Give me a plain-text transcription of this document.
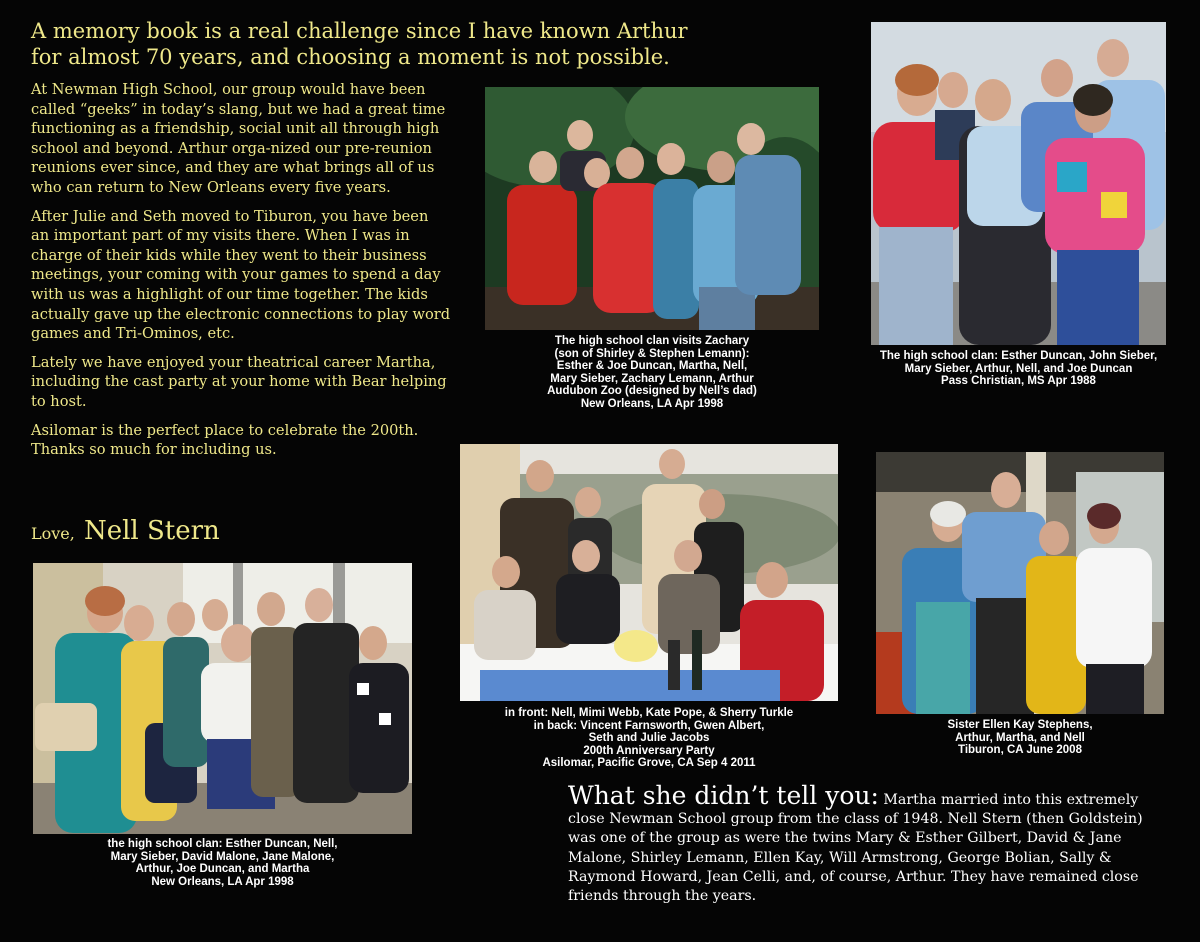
A memory book is a real challenge since I have known Arthur
for almost 70 years, and choosing a moment is not possible.

At Newman High School, our group would have been called “geeks” in today’s slang, but we had a great time functioning as a friendship, social unit all through high school and beyond. Arthur orga-nized our pre-reunion reunions ever since, and they are what brings all of us who can return to New Orleans every five years.

After Julie and Seth moved to Tiburon, you have been an important part of my visits there. When I was in charge of their kids while they went to their business meetings, your coming with your games to spend a day with us was a highlight of our time together. The kids actually gave up the electronic connections to play word games and Tri-Ominos, etc.

Lately we have enjoyed your theatrical career Martha, including the cast party at your home with Bear helping to host.

Asilomar is the perfect place to celebrate the 200th. Thanks so much for including us.

Love, Nell Stern
The high school clan visits Zachary
(son of Shirley & Stephen Lemann):
Esther & Joe Duncan, Martha, Nell,
Mary Sieber, Zachary Lemann, Arthur
Audubon Zoo (designed by Nell’s dad)
New Orleans, LA Apr 1998
The high school clan: Esther Duncan, John Sieber,
Mary Sieber, Arthur, Nell, and Joe Duncan
Pass Christian, MS Apr 1988
the high school clan: Esther Duncan, Nell,
Mary Sieber, David Malone, Jane Malone,
Arthur, Joe Duncan, and Martha
New Orleans, LA Apr 1998
in front: Nell, Mimi Webb, Kate Pope, & Sherry Turkle
in back: Vincent Farnsworth, Gwen Albert,
Seth and Julie Jacobs
200th Anniversary Party
Asilomar, Pacific Grove, CA Sep 4 2011
Sister Ellen Kay Stephens,
Arthur, Martha, and Nell
Tiburon, CA June 2008
What she didn’t tell you: Martha married into this extremely close Newman School group from the class of 1948. Nell Stern (then Goldstein) was one of the group as were the twins Mary & Esther Gilbert, David & Jane Malone, Shirley Lemann, Ellen Kay, Will Armstrong, George Bolian, Sally & Raymond Howard, Jean Celli, and, of course, Arthur. They have remained close friends through the years.
